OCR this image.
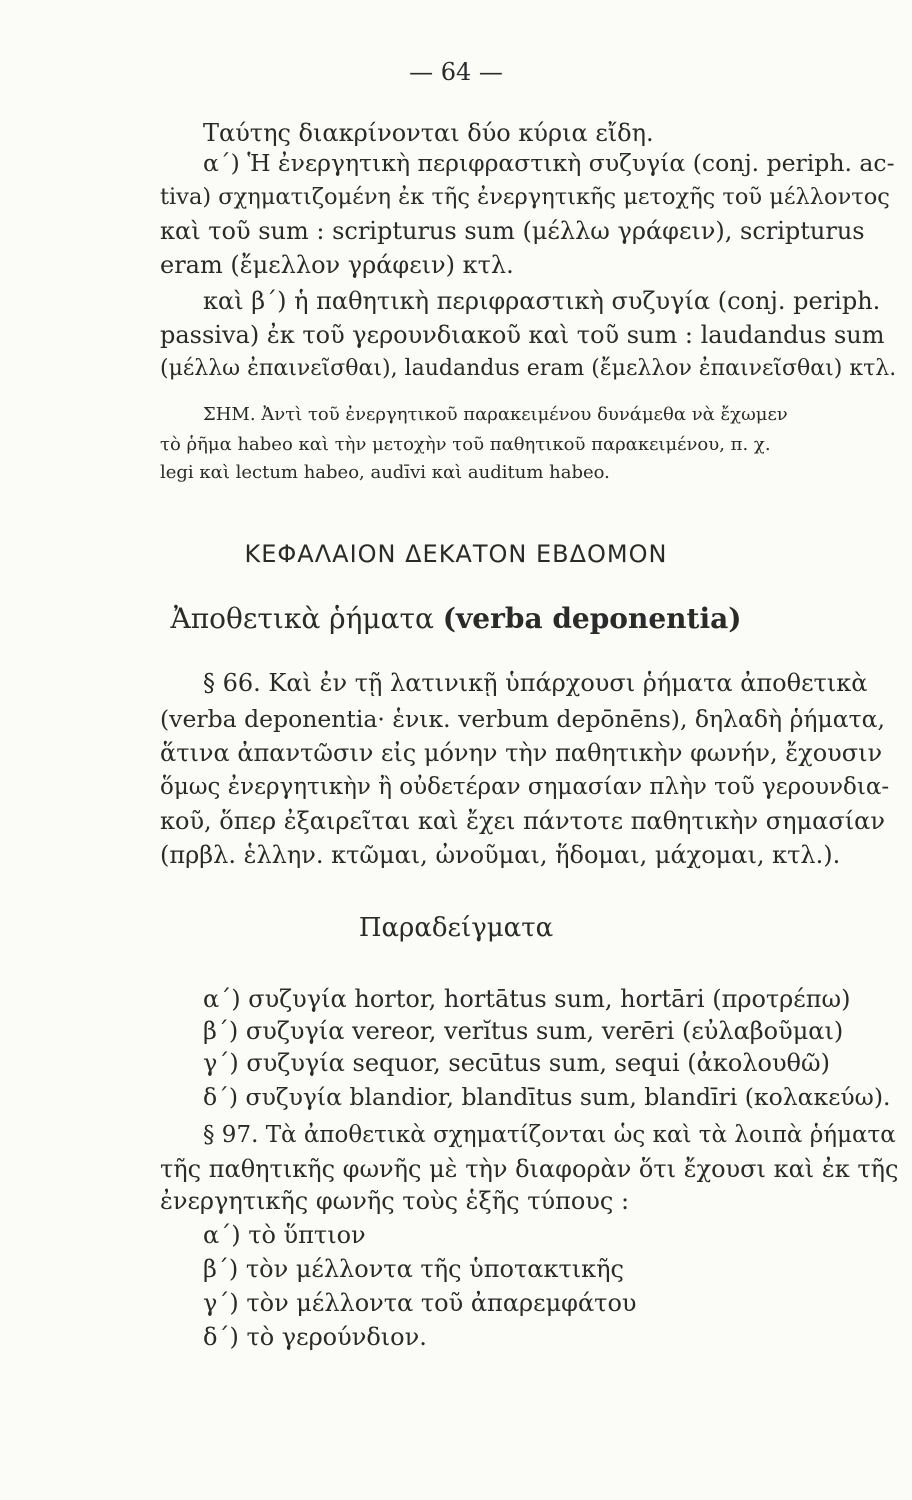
— 64 —
Ταύτης διακρίνονται δύο κύρια εἴδη.
α΄) Ἡ ἐνεργητικὴ περιφραστικὴ συζυγία (conj. periph. ac-
tiva) σχηματιζομένη ἐκ τῆς ἐνεργητικῆς μετοχῆς τοῦ μέλλοντος
καὶ τοῦ sum : scripturus sum (μέλλω γράφειν), scripturus
eram (ἔμελλον γράφειν) κτλ.
καὶ β΄) ἡ παθητικὴ περιφραστικὴ συζυγία (conj. periph.
passiva) ἐκ τοῦ γερουνδιακοῦ καὶ τοῦ sum : laudandus sum
(μέλλω ἐπαινεῖσθαι), laudandus eram (ἔμελλον ἐπαινεῖσθαι) κτλ.
ΣΗΜ. Ἀντὶ τοῦ ἐνεργητικοῦ παρακειμένου δυνάμεθα νὰ ἔχωμεν
τὸ ῥῆμα habeo καὶ τὴν μετοχὴν τοῦ παθητικοῦ παρακειμένου, π. χ.
legi καὶ lectum habeo, audīvi καὶ auditum habeo.
ΚΕΦΑΛΑΙΟΝ ΔΕΚΑΤΟΝ ΕΒΔΟΜΟΝ
Ἀποθετικὰ ῥήματα (verba deponentia)
§ 66. Καὶ ἐν τῇ λατινικῇ ὑπάρχουσι ῥήματα ἀποθετικὰ
(verba deponentia· ἑνικ. verbum depōnēns), δηλαδὴ ῥήματα,
ἅτινα ἀπαντῶσιν εἰς μόνην τὴν παθητικὴν φωνήν, ἔχουσιν
ὅμως ἐνεργητικὴν ἢ οὐδετέραν σημασίαν πλὴν τοῦ γερουνδια-
κοῦ, ὅπερ ἐξαιρεῖται καὶ ἔχει πάντοτε παθητικὴν σημασίαν
(πρβλ. ἑλλην. κτῶμαι, ὠνοῦμαι, ἥδομαι, μάχομαι, κτλ.).
Παραδείγματα
α΄) συζυγία hortor, hortātus sum, hortāri (προτρέπω)
β΄) συζυγία vereor, verĭtus sum, verēri (εὐλαβοῦμαι)
γ΄) συζυγία sequor, secūtus sum, sequi (ἀκολουθῶ)
δ΄) συζυγία blandior, blandītus sum, blandīri (κολακεύω).
§ 97. Τὰ ἀποθετικὰ σχηματίζονται ὡς καὶ τὰ λοιπὰ ῥήματα
τῆς παθητικῆς φωνῆς μὲ τὴν διαφορὰν ὅτι ἔχουσι καὶ ἐκ τῆς
ἐνεργητικῆς φωνῆς τοὺς ἑξῆς τύπους :
α΄) τὸ ὕπτιον
β΄) τὸν μέλλοντα τῆς ὑποτακτικῆς
γ΄) τὸν μέλλοντα τοῦ ἀπαρεμφάτου
δ΄) τὸ γερούνδιον.
